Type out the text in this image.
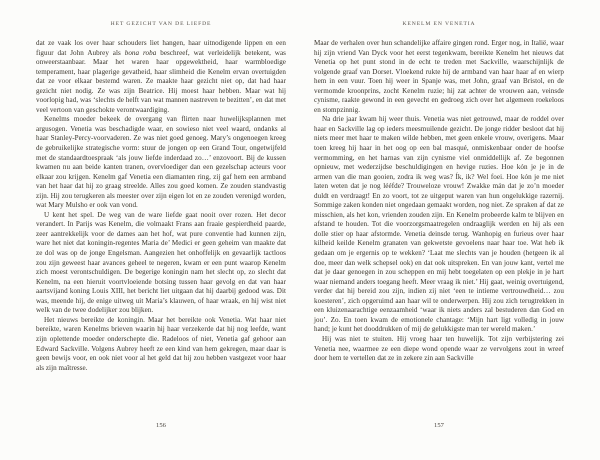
HET GEZICHT VAN DE LIEFDE

dat ze vaak los over haar schouders liet hangen, haar uitnodigende lippen en een figuur dat John Aubrey als bona roba beschreef, wat verleidelijk betekent, was onweerstaanbaar. Maar het waren haar opgewektheid, haar warmbloedige temperament, haar plagerige gevatheid, haar slimheid die Kenelm ervan overtuigden dat ze voor elkaar bestemd waren. Ze maakte haar gezicht niet op, dat had haar gezicht niet nodig. Ze was zijn Beatrice. Hij moest haar hebben. Maar wat hij voorlopig had, was ‘slechts de helft van wat mannen nastreven te bezitten’, en dat met veel vertoon van geschokte verontwaardiging.

Kenelms moeder bekeek de overgang van flirten naar huwelijksplannen met argusogen. Venetia was beschadigde waar, en sowieso niet veel waard, ondanks al haar Stanley-Percy-voorvaderen. Ze was niet goed genoeg. Mary’s ongenoegen kreeg de gebruikelijke strategische vorm: stuur de jongen op een Grand Tour, ongetwijfeld met de standaardtoespraak ‘als jouw liefde inderdaad zo…’ enzovoort. Bij de kussen kwamen nu aan beide kanten tranen, overvloediger dan een gezelschap acteurs voor elkaar zou krijgen. Kenelm gaf Venetia een diamanten ring, zij gaf hem een armband van het haar dat hij zo graag streelde. Alles zou goed komen. Ze zouden standvastig zijn. Hij zou terugkeren als meester over zijn eigen lot en ze zouden verenigd worden, wat Mary Mulsho er ook van vond.

U kent het spel. De weg van de ware liefde gaat nooit over rozen. Het decor verandert. In Parijs was Kenelm, die volmaakt Frans aan fraaie gespierdheid paarde, zeer aantrekkelijk voor de dames aan het hof, wat pure conventie had kunnen zijn, ware het niet dat koningin-regentes Maria de’ Medici er geen geheim van maakte dat ze dol was op de jonge Engelsman. Aangezien het onhoffelijk en gevaarlijk tactloos zou zijn geweest haar avances geheel te negeren, kwam er een punt waarop Kenelm zich moest verontschuldigen. De begerige koningin nam het slecht op, zo slecht dat Kenelm, na een hieruit voortvloeiende botsing tussen haar gevolg en dat van haar aartsvijand koning Louis XIII, het bericht liet uitgaan dat hij daarbij gedood was. Dit was, meende hij, de enige uitweg uit Maria’s klauwen, of haar wraak, en hij wist niet welk van de twee dodelijker zou blijken.

Het nieuws bereikte de koningin. Maar het bereikte ook Venetia. Wat haar niet bereikte, waren Kenelms brieven waarin hij haar verzekerde dat hij nog leefde, want zijn oplettende moeder onderschepte die. Radeloos of niet, Venetia gaf gehoor aan Edward Sackville. Volgens Aubrey heeft ze een kind van hem gekregen, maar daar is geen bewijs voor, en ook niet voor al het geld dat hij zou hebben vastgezet voor haar als zijn maîtresse.

156
KENELM EN VENETIA

Maar de verhalen over hun schandelijke affaire gingen rond. Erger nog, in Italië, waar hij zijn vriend Van Dyck voor het eerst tegenkwam, bereikte Kenelm het nieuws dat Venetia op het punt stond in de echt te treden met Sackville, waarschijnlijk de volgende graaf van Dorset. Vloekend rukte hij de armband van haar haar af en wierp hem in een vuur. Toen hij weer in Spanje was, met John, graaf van Bristol, en de vermomde kroonprins, zocht Kenelm ruzie; hij zat achter de vrouwen aan, veinsde cynisme, raakte gewond in een gevecht en gedroeg zich over het algemeen roekeloos en stompzinnig.

Na drie jaar kwam hij weer thuis. Venetia was niet getrouwd, maar de roddel over haar en Sackville lag op ieders meesmuilende gezicht. De jonge ridder besloot dat hij niets meer met haar te maken wilde hebben, met geen enkele vrouw, overigens. Maar toen kreeg hij haar in het oog op een bal masqué, onmiskenbaar onder de hoofse vermomming, en het harnas van zijn cynisme viel onmiddellijk af. Ze begonnen opnieuw, met wederzijdse beschuldigingen en hevige ruzies. Hoe kón je je in de armen van die man gooien, zodra ik weg was? Ík, ik? Wel foei. Hoe kón je me niet laten weten dat je nog lééfde? Trouweloze vrouw! Zwakke mán dat je zo’n moeder duldt en verdraagt! En zo voort, tot ze uitgeput waren van hun ongelukkige razernij. Sommige zaken konden niet ongedaan gemaakt worden, nog niet. Ze spraken af dat ze misschien, als het kon, vrienden zouden zijn. En Kenelm probeerde kalm te blijven en afstand te houden. Tot die voorzorgsmaatregelen ondraaglijk werden en hij als een dolle stier op haar afstormde. Venetia deinsde terug. Wanhopig en furieus over haar kilheid keilde Kenelm granaten van gekwetste gevoelens naar haar toe. Wat heb ik gedaan om je ergernis op te wekken? ‘Laat me slechts van je houden (hetgeen ik al doe, meer dan welk schepsel ook) en dat ook uitspreken. En van jouw kant, vertel me dat je daar genoegen in zou scheppen en mij hebt toegelaten op een plekje in je hart waar niemand anders toegang heeft. Meer vraag ik niet.’ Hij gaat, weinig overtuigend, verder dat hij bereid zou zijn, indien zij niet ‘een te intieme vertrouwdheid… zou koesteren’, zich opgeruimd aan haar wil te onderwerpen. Hij zou zich terugtrekken in een kluizenaarachtige eenzaamheid ‘waar ik niets anders zal bestuderen dan God en jou’. Zo. En toen kwam de emotionele chantage: ‘Mijn hart ligt volledig in jouw hand; je kunt het dooddrukken of mij de gelukkigste man ter wereld maken.’

Hij was niet te stuiten. Hij vroeg haar ten huwelijk. Tot zijn verbijstering zei Venetia nee, waarmee ze een diepe wond opende waar ze vervolgens zout in wreef door hem te vertellen dat ze in zekere zin aan Sackville

157
